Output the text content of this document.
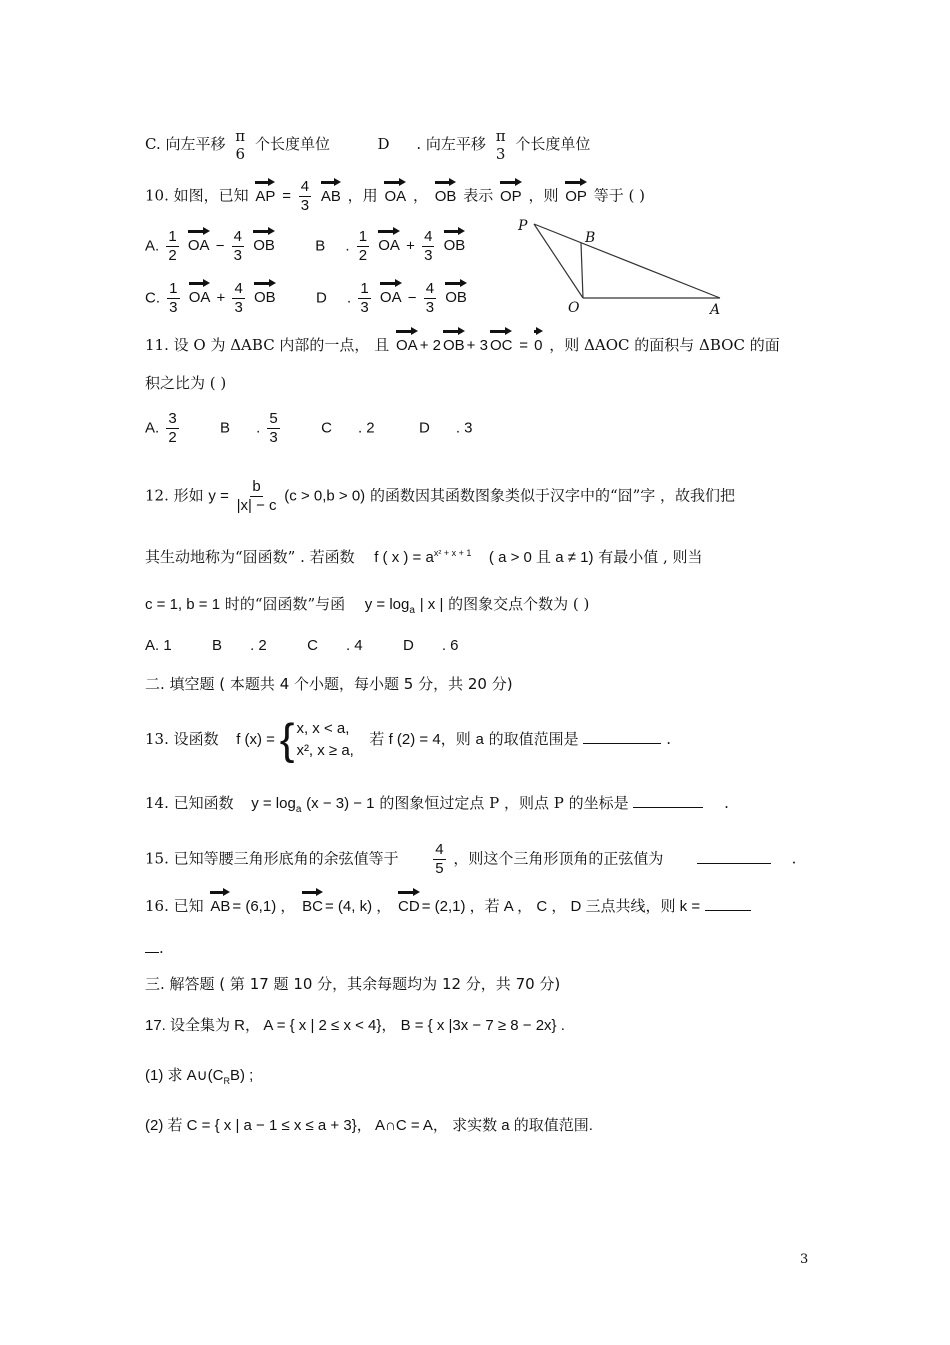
C. 向左平移 π
6
个长度单位	D . 向左平移 π
3
个长度单位
10. 如图，已知 AP = $\frac{4}{3}$ AB ，用 OA ， OB 表示 OP ，则 OP 等于 ( )
A. $\frac{1}{2}$ OA − $\frac{4}{3}$ OB	B . $\frac{1}{2}$ OA + $\frac{4}{3}$ OB
C. $\frac{1}{3}$ OA + $\frac{4}{3}$ OB	D . $\frac{1}{3}$ OA − $\frac{4}{3}$ OB
P
B
O	A
11. 设 O 为 ΔABC 内部的一点， 且 OA + 2 OB + 3 OC = 0 ，则 ΔAOC 的面积与 ΔBOC 的面
积之比为 ( )
A. $\frac{3}{2}$	B . $\frac{5}{3}$	C . 2	D . 3
12. 形如 $y = \frac{b}{|x| - c} (c > 0,b > 0)$ 的函数因其函数图象类似于汉字中的“囧”字 ，故我们把
其生动地称为“囧函数” . 若函数 f ( x ) = $a^{x^2 + x + 1}$ ( a > 0 且 a ≠ 1) 有最小值 , 则当
c = 1, b = 1 时的“囧函数”与函 $y = \log_a$ | x | 的图象交点个数为 ( )
A. 1	B . 2	C . 4	D . 6
二. 填空题 ( 本题共 4 个小题，每小题 5 分，共 20 分)
13. 设函数 f (x) = { x, x < a,
x², x ≥ a,
若 f (2) = 4，则 a 的取值范围是	.
14. 已知函数 $y = \log_a (x - 3) - 1$ 的图象恒过定点 P ，则点 P 的坐标是	.
15. 已知等腰三角形底角的余弦值等于 $\frac{4}{5}$ ，则这个三角形顶角的正弦值为	.
16. 已知 AB = (6,1) ， BC = (4, k) ， CD = (2,1) ，若 A ， C ， D 三点共线，则 k =
.
三. 解答题 ( 第 17 题 10 分，其余每题均为 12 分，共 70 分)
17. 设全集为 R， A = { x | 2 ≤ x < 4}， B = { x |3x − 7 ≥ 8 − 2x} .
(1) 求 $A\cup(C_RB)$ ;
(2) 若 C = { x | a − 1 ≤ x ≤ a + 3}， A∩C = A， 求实数 a 的取值范围.
3
